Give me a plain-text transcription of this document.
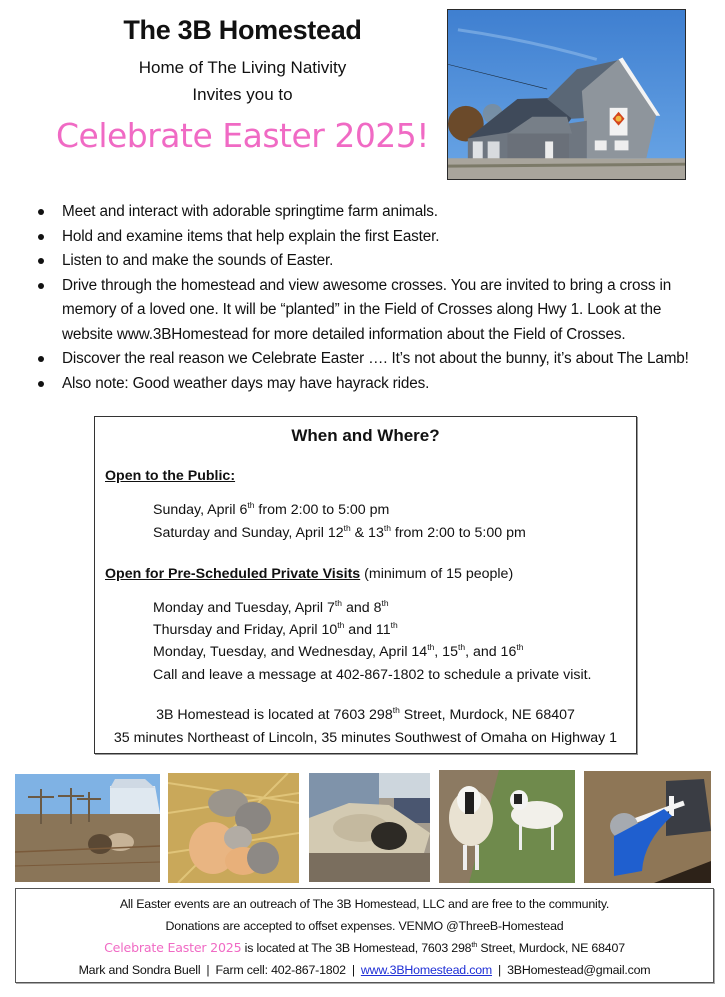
The 3B Homestead
Home of The Living Nativity
Invites you to
Celebrate Easter 2025!
Meet and interact with adorable springtime farm animals.
Hold and examine items that help explain the first Easter.
Listen to and make the sounds of Easter.
Drive through the homestead and view awesome crosses. You are invited to bring a cross in
memory of a loved one. It will be “planted” in the Field of Crosses along Hwy 1. Look at the
website www.3BHomestead for more detailed information about the Field of Crosses.
Discover the real reason we Celebrate Easter …. It’s not about the bunny, it’s about The Lamb!
Also note: Good weather days may have hayrack rides.
When and Where?
Open to the Public:
Sunday, April 6th from 2:00 to 5:00 pm
Saturday and Sunday, April 12th & 13th from 2:00 to 5:00 pm
Open for Pre-Scheduled Private Visits (minimum of 15 people)
Monday and Tuesday, April 7th and 8th
Thursday and Friday, April 10th and 11th
Monday, Tuesday, and Wednesday, April 14th, 15th, and 16th
Call and leave a message at 402-867-1802 to schedule a private visit.
3B Homestead is located at 7603 298th Street, Murdock, NE 68407
35 minutes Northeast of Lincoln, 35 minutes Southwest of Omaha on Highway 1
All Easter events are an outreach of The 3B Homestead, LLC and are free to the community.
Donations are accepted to offset expenses. VENMO @ThreeB-Homestead
Celebrate Easter 2025 is located at The 3B Homestead, 7603 298th Street, Murdock, NE 68407
Mark and Sondra Buell | Farm cell: 402-867-1802 | www.3BHomestead.com | 3BHomestead@gmail.com
